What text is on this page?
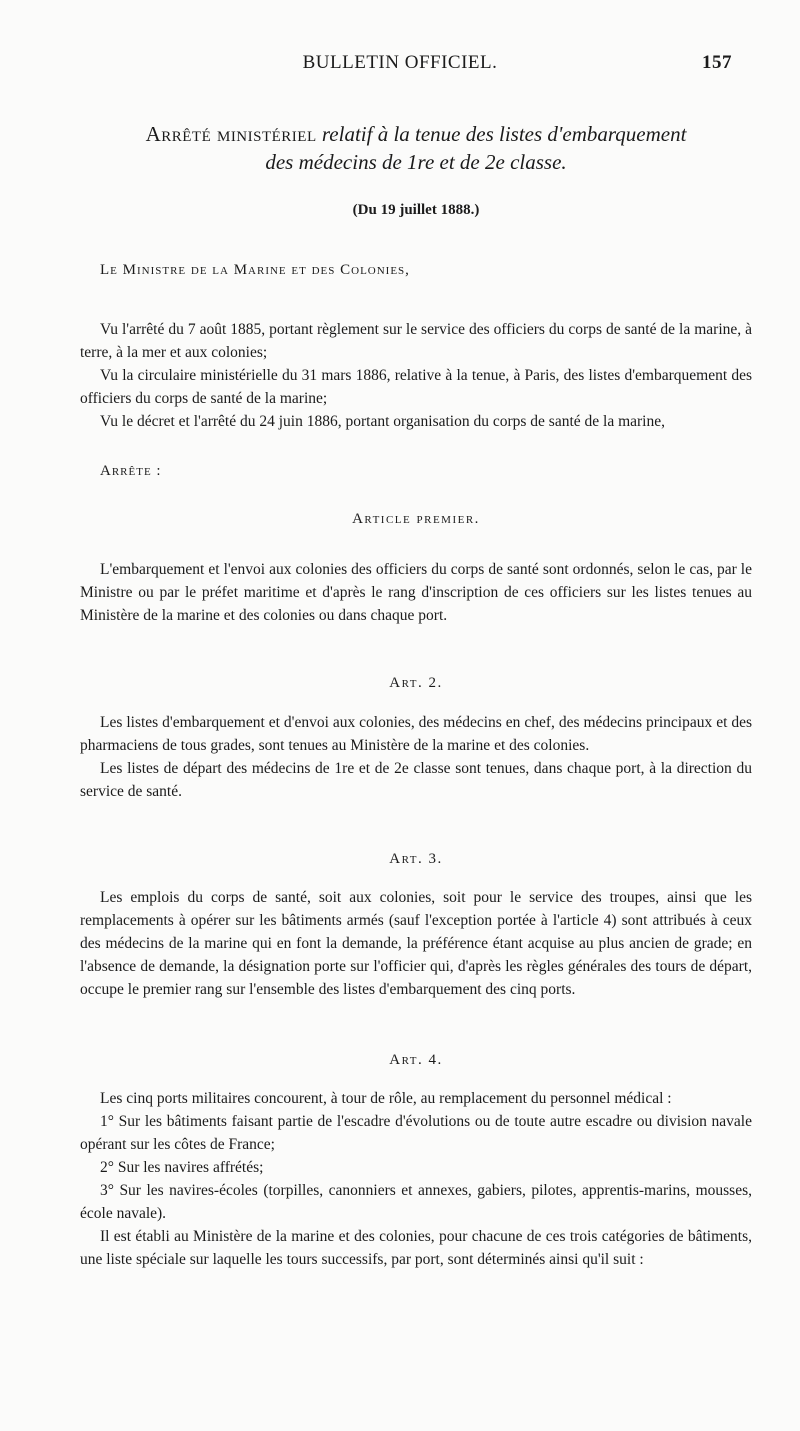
BULLETIN OFFICIEL.	157
Arrêté ministériel relatif à la tenue des listes d'embarquement
des médecins de 1re et de 2e classe.
(Du 19 juillet 1888.)
Le Ministre de la Marine et des Colonies,

Vu l'arrêté du 7 août 1885, portant règlement sur le service des officiers du corps de santé de la marine, à terre, à la mer et aux colonies;

Vu la circulaire ministérielle du 31 mars 1886, relative à la tenue, à Paris, des listes d'embarquement des officiers du corps de santé de la marine;

Vu le décret et l'arrêté du 24 juin 1886, portant organisation du corps de santé de la marine,

Arrête :
Article premier.

L'embarquement et l'envoi aux colonies des officiers du corps de santé sont ordonnés, selon le cas, par le Ministre ou par le préfet maritime et d'après le rang d'inscription de ces officiers sur les listes tenues au Ministère de la marine et des colonies ou dans chaque port.

Art. 2.

Les listes d'embarquement et d'envoi aux colonies, des médecins en chef, des médecins principaux et des pharmaciens de tous grades, sont tenues au Ministère de la marine et des colonies.

Les listes de départ des médecins de 1re et de 2e classe sont tenues, dans chaque port, à la direction du service de santé.

Art. 3.

Les emplois du corps de santé, soit aux colonies, soit pour le service des troupes, ainsi que les remplacements à opérer sur les bâtiments armés (sauf l'exception portée à l'article 4) sont attribués à ceux des médecins de la marine qui en font la demande, la préférence étant acquise au plus ancien de grade; en l'absence de demande, la désignation porte sur l'officier qui, d'après les règles générales des tours de départ, occupe le premier rang sur l'ensemble des listes d'embarquement des cinq ports.

Art. 4.

Les cinq ports militaires concourent, à tour de rôle, au remplacement du personnel médical :

1° Sur les bâtiments faisant partie de l'escadre d'évolutions ou de toute autre escadre ou division navale opérant sur les côtes de France;

2° Sur les navires affrétés;

3° Sur les navires-écoles (torpilles, canonniers et annexes, gabiers, pilotes, apprentis-marins, mousses, école navale).

Il est établi au Ministère de la marine et des colonies, pour chacune de ces trois catégories de bâtiments, une liste spéciale sur laquelle les tours successifs, par port, sont déterminés ainsi qu'il suit :
